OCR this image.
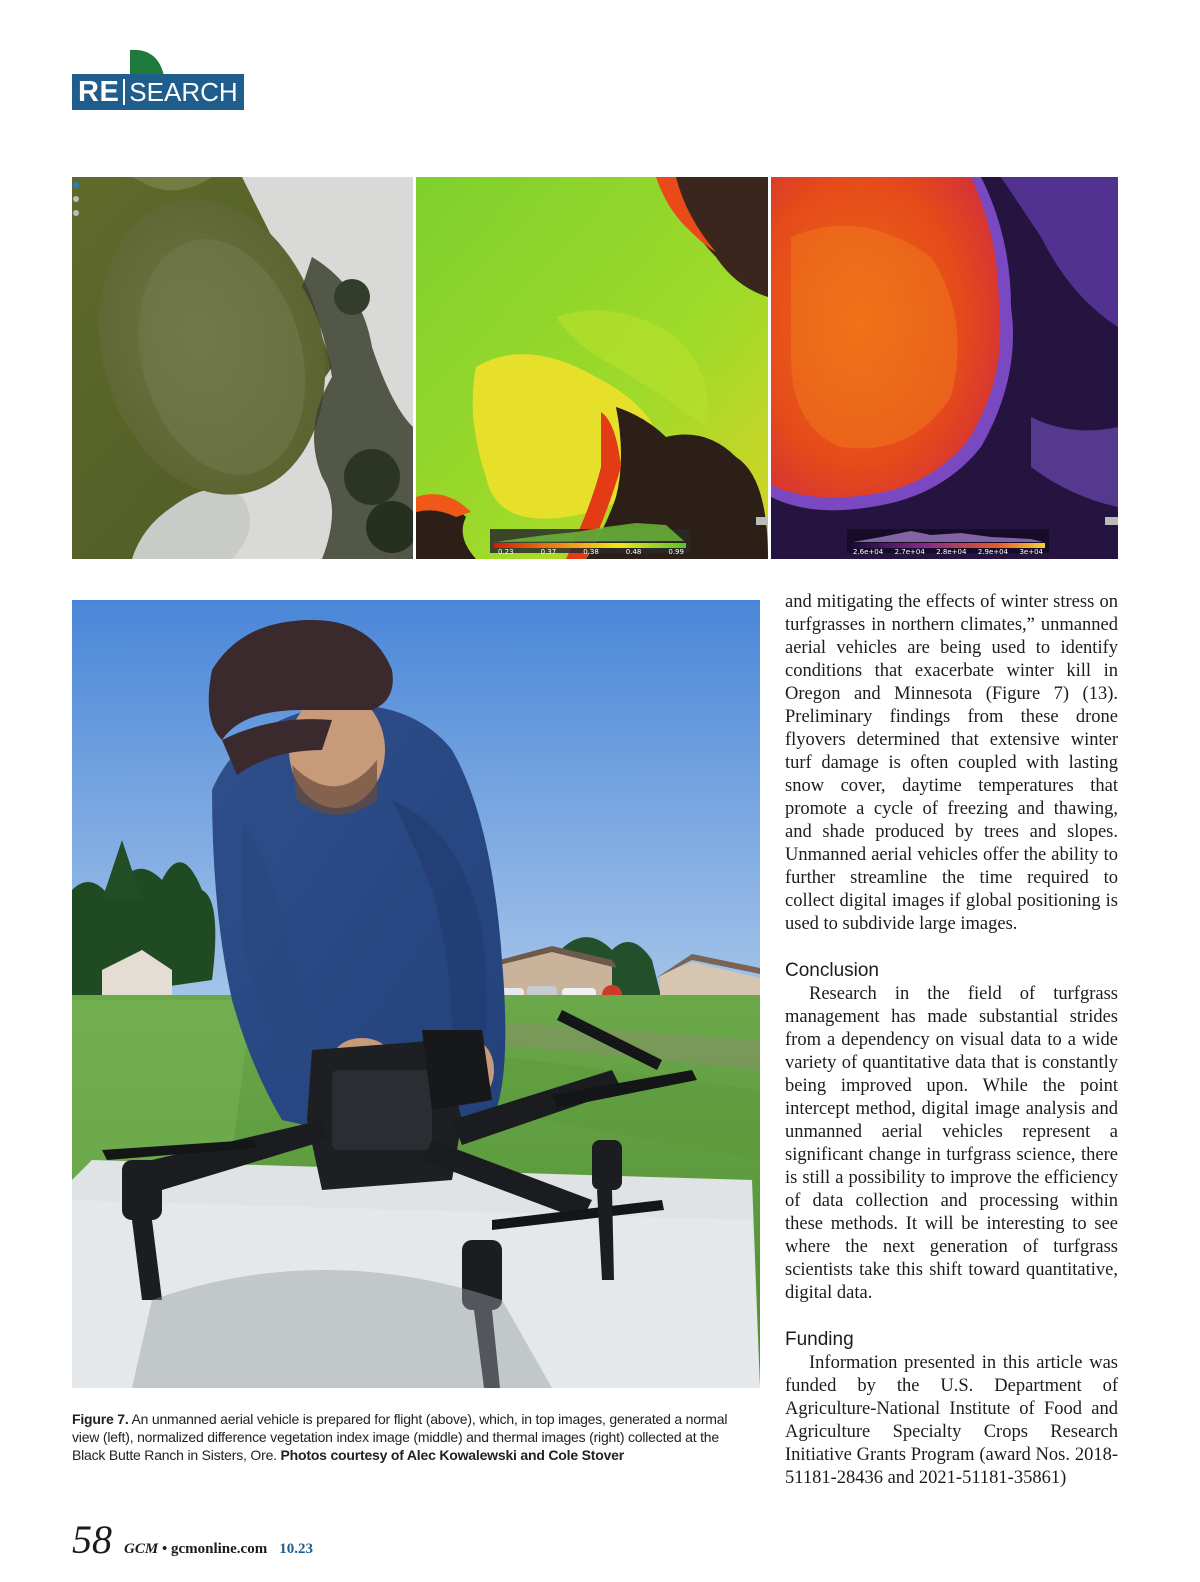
RE SEARCH
0.23	0.37	0.38	0.48	0.99	2.6e+04 2.7e+04 2.8e+04 2.9e+04 3e+04
Figure 7. An unmanned aerial vehicle is prepared for flight (above), which, in top images, generated a normal view (left), normalized difference vegetation index image (middle) and thermal images (right) collected at the Black Butte Ranch in Sisters, Ore. Photos courtesy of Alec Kowalewski and Cole Stover

and mitigating the effects of winter stress on turfgrasses in northern climates,” unmanned aerial vehicles are being used to identify conditions that exacerbate winter kill in Oregon and Minnesota (Figure 7) (13). Preliminary findings from these drone flyovers determined that extensive winter turf damage is often coupled with lasting snow cover, daytime temperatures that promote a cycle of freezing and thawing, and shade produced by trees and slopes. Unmanned aerial vehicles offer the ability to further streamline the time required to collect digital images if global positioning is used to subdivide large images.

Conclusion

Research in the field of turfgrass management has made substantial strides from a dependency on visual data to a wide variety of quantitative data that is constantly being improved upon. While the point intercept method, digital image analysis and unmanned aerial vehicles represent a significant change in turfgrass science, there is still a possibility to improve the efficiency of data collection and processing within these methods. It will be interesting to see where the next generation of turfgrass scientists take this shift toward quantitative, digital data.

Funding

Information presented in this article was funded by the U.S. Department of Agriculture-National Institute of Food and Agriculture Specialty Crops Research Initiative Grants Program (award Nos. 2018-51181-28436 and 2021-51181-35861)

58 GCM • gcmonline.com 10.23
